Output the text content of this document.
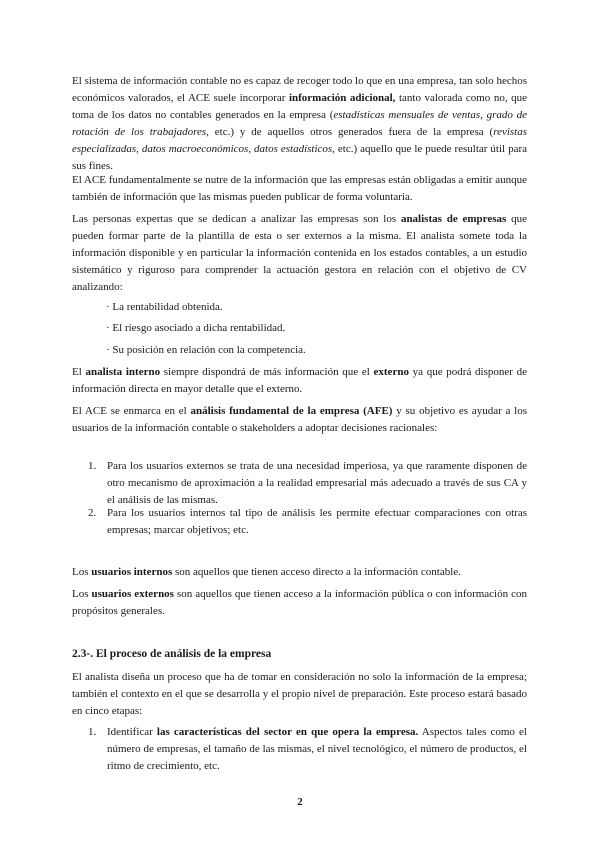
El sistema de información contable no es capaz de recoger todo lo que en una empresa, tan solo hechos económicos valorados, el ACE suele incorporar información adicional, tanto valorada como no, que toma de los datos no contables generados en la empresa (estadísticas mensuales de ventas, grado de rotación de los trabajadores, etc.) y de aquellos otros generados fuera de la empresa (revistas especializadas, datos macroeconómicos, datos estadísticos, etc.) aquello que le puede resultar útil para sus fines.

El ACE fundamentalmente se nutre de la información que las empresas están obligadas a emitir aunque también de información que las mismas pueden publicar de forma voluntaria.

Las personas expertas que se dedican a analizar las empresas son los analistas de empresas que pueden formar parte de la plantilla de esta o ser externos a la misma. El analista somete toda la información disponible y en particular la información contenida en los estados contables, a un estudio sistemático y riguroso para comprender la actuación gestora en relación con el objetivo de CV analizando:

· La rentabilidad obtenida.

· El riesgo asociado a dicha rentabilidad.

· Su posición en relación con la competencia.

El analista interno siempre dispondrá de más información que el externo ya que podrá disponer de información directa en mayor detalle que el externo.

El ACE se enmarca en el análisis fundamental de la empresa (AFE) y su objetivo es ayudar a los usuarios de la información contable o stakeholders a adoptar decisiones racionales:

1. Para los usuarios externos se trata de una necesidad imperiosa, ya que raramente disponen de otro mecanismo de aproximación a la realidad empresarial más adecuado a través de sus CA y el análisis de las mismas.

2. Para los usuarios internos tal tipo de análisis les permite efectuar comparaciones con otras empresas; marcar objetivos; etc.

Los usuarios internos son aquellos que tienen acceso directo a la información contable.

Los usuarios externos son aquellos que tienen acceso a la información pública o con información con propósitos generales.

2.3-. El proceso de análisis de la empresa

El analista diseña un proceso que ha de tomar en consideración no solo la información de la empresa; también el contexto en el que se desarrolla y el propio nivel de preparación. Este proceso estará basado en cinco etapas:

1. Identificar las características del sector en que opera la empresa. Aspectos tales como el número de empresas, el tamaño de las mismas, el nivel tecnológico, el número de productos, el ritmo de crecimiento, etc.

2
